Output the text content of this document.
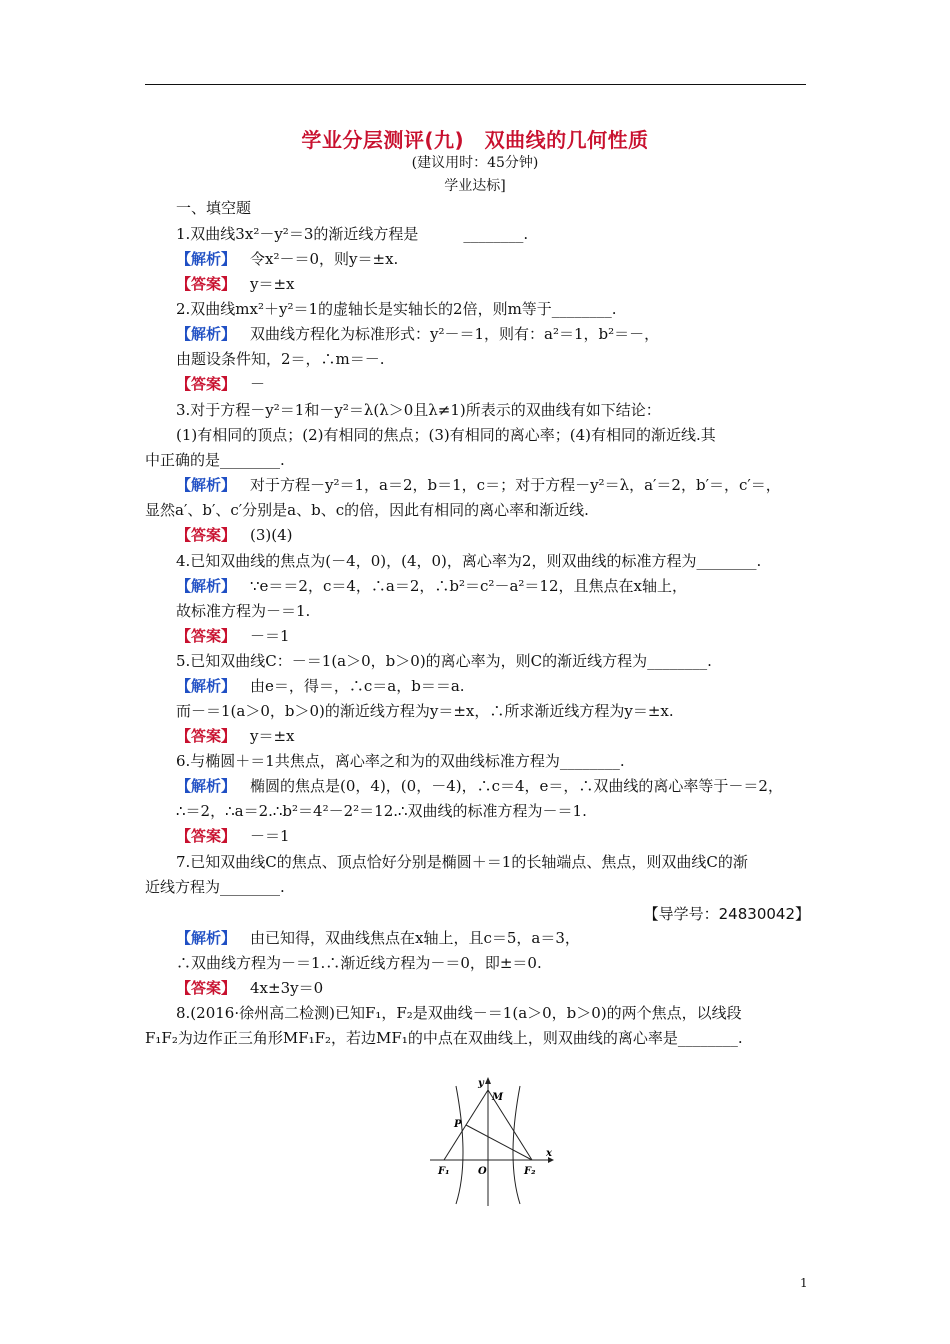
学业分层测评(九)　双曲线的几何性质
(建议用时：45分钟)
学业达标]
一、填空题
1.双曲线3x²－y²＝3的渐近线方程是　　　________.
【解析】 令x²－＝0，则y＝±x.
【答案】 y＝±x
2.双曲线mx²＋y²＝1的虚轴长是实轴长的2倍，则m等于________.
【解析】 双曲线方程化为标准形式：y²－＝1，则有：a²＝1，b²＝－，
由题设条件知，2＝，∴m＝－.
【答案】 －
3.对于方程－y²＝1和－y²＝λ(λ＞0且λ≠1)所表示的双曲线有如下结论：
(1)有相同的顶点；(2)有相同的焦点；(3)有相同的离心率；(4)有相同的渐近线.其
中正确的是________.
【解析】 对于方程－y²＝1，a＝2，b＝1，c＝；对于方程－y²＝λ，a′＝2，b′＝，c′＝，
显然a′、b′、c′分别是a、b、c的倍，因此有相同的离心率和渐近线.
【答案】 (3)(4)
4.已知双曲线的焦点为(－4，0)，(4，0)，离心率为2，则双曲线的标准方程为________.
【解析】 ∵e＝＝2，c＝4，∴a＝2，∴b²＝c²－a²＝12，且焦点在x轴上，
故标准方程为－＝1.
【答案】 －＝1
5.已知双曲线C：－＝1(a＞0，b＞0)的离心率为，则C的渐近线方程为________.
【解析】 由e＝，得＝，∴c＝a，b＝＝a.
而－＝1(a＞0，b＞0)的渐近线方程为y＝±x，∴所求渐近线方程为y＝±x.
【答案】 y＝±x
6.与椭圆＋＝1共焦点，离心率之和为的双曲线标准方程为________.
【解析】 椭圆的焦点是(0，4)，(0，－4)，∴c＝4，e＝，∴双曲线的离心率等于－＝2，
∴＝2，∴a＝2.∴b²＝4²－2²＝12.∴双曲线的标准方程为－＝1.
【答案】 －＝1
7.已知双曲线C的焦点、顶点恰好分别是椭圆＋＝1的长轴端点、焦点，则双曲线C的渐
近线方程为________.
【导学号：24830042】
【解析】 由已知得，双曲线焦点在x轴上，且c＝5，a＝3，
∴双曲线方程为－＝1.∴渐近线方程为－＝0，即±＝0.
【答案】 4x±3y＝0
8.(2016·徐州高二检测)已知F₁，F₂是双曲线－＝1(a＞0，b＞0)的两个焦点，以线段
F₁F₂为边作正三角形MF₁F₂，若边MF₁的中点在双曲线上，则双曲线的离心率是________.
y
M
P
F₁	O	F₂
x
1
